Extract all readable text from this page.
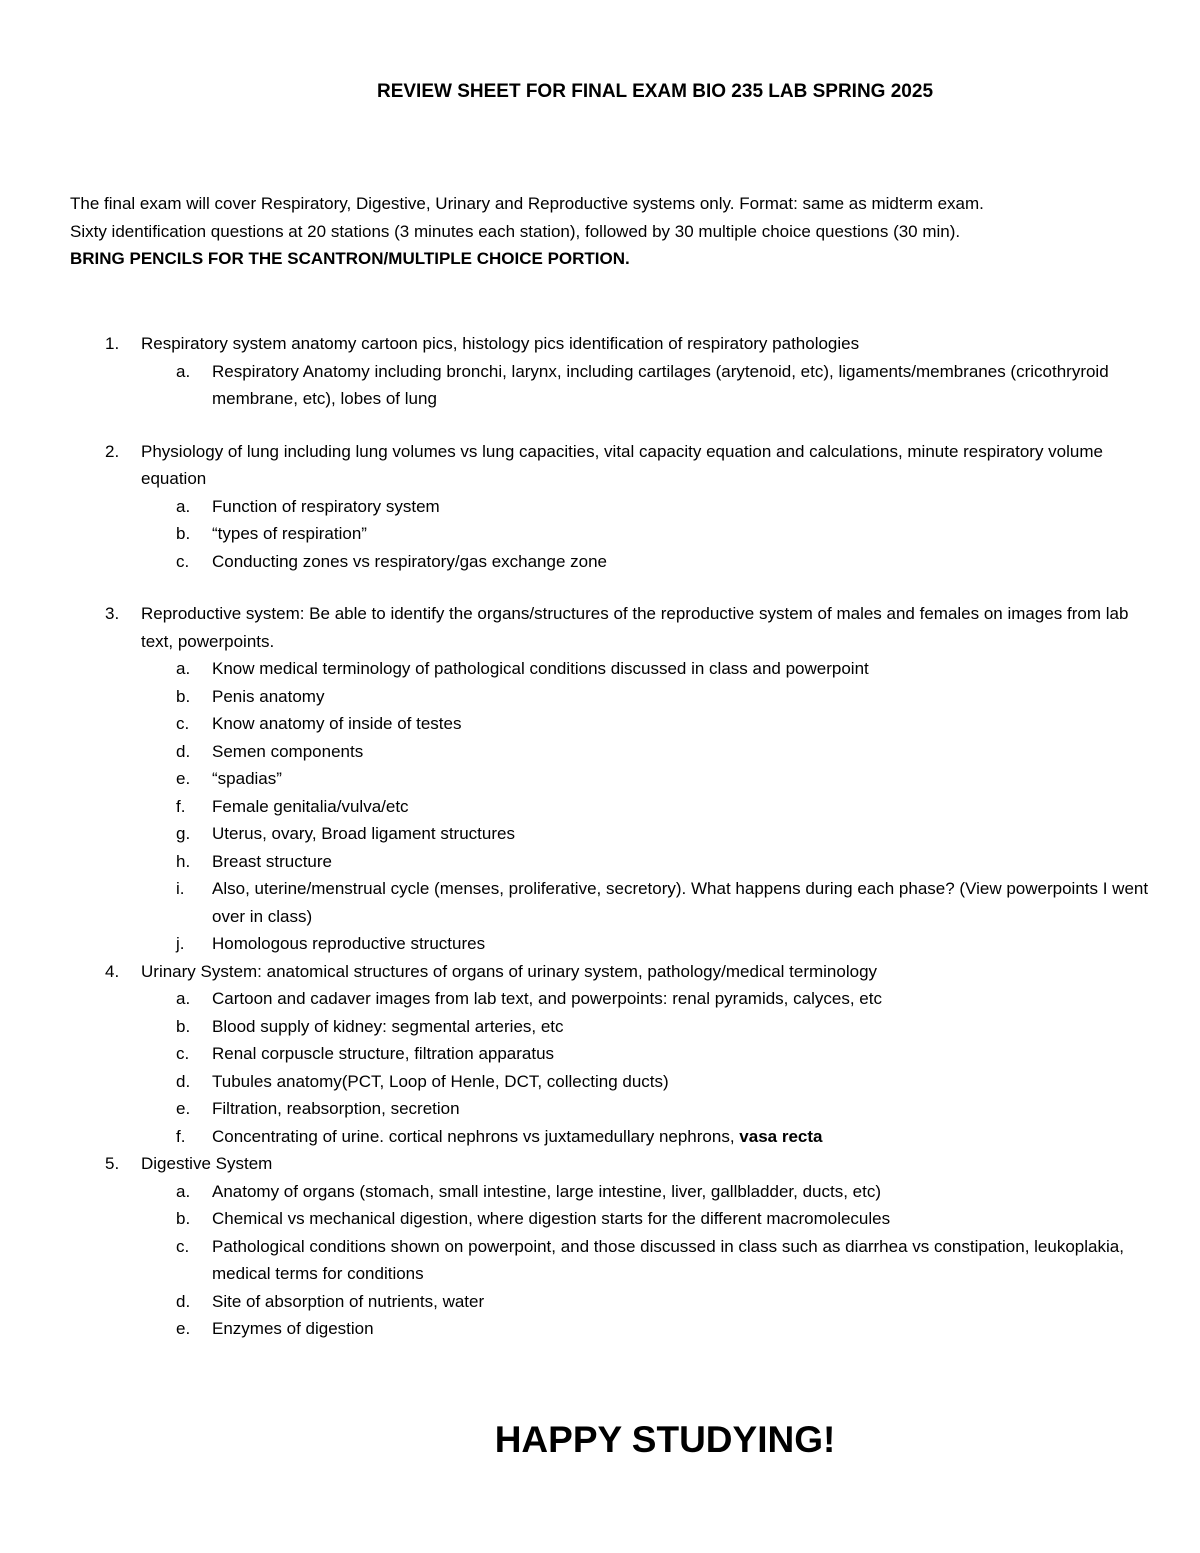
REVIEW SHEET FOR FINAL EXAM BIO 235 LAB SPRING 2025

The final exam will cover Respiratory, Digestive, Urinary and Reproductive systems only. Format: same as midterm exam.

Sixty identification questions at 20 stations (3 minutes each station), followed by 30 multiple choice questions (30 min).

BRING PENCILS FOR THE SCANTRON/MULTIPLE CHOICE PORTION.

1. Respiratory system anatomy cartoon pics, histology pics identification of respiratory pathologies
a. Respiratory Anatomy including bronchi, larynx, including cartilages (arytenoid, etc), ligaments/membranes (cricothryroid membrane, etc), lobes of lung
2. Physiology of lung including lung volumes vs lung capacities, vital capacity equation and calculations, minute respiratory volume equation
a. Function of respiratory system
b. “types of respiration”
c. Conducting zones vs respiratory/gas exchange zone
3. Reproductive system: Be able to identify the organs/structures of the reproductive system of males and females on images from lab text, powerpoints.
a. Know medical terminology of pathological conditions discussed in class and powerpoint
b. Penis anatomy
c. Know anatomy of inside of testes
d. Semen components
e. “spadias”
f. Female genitalia/vulva/etc
g. Uterus, ovary, Broad ligament structures
h. Breast structure
i. Also, uterine/menstrual cycle (menses, proliferative, secretory). What happens during each phase? (View powerpoints I went over in class)
j. Homologous reproductive structures
4. Urinary System: anatomical structures of organs of urinary system, pathology/medical terminology
a. Cartoon and cadaver images from lab text, and powerpoints: renal pyramids, calyces, etc
b. Blood supply of kidney: segmental arteries, etc
c. Renal corpuscle structure, filtration apparatus
d. Tubules anatomy(PCT, Loop of Henle, DCT, collecting ducts)
e. Filtration, reabsorption, secretion
f. Concentrating of urine. cortical nephrons vs juxtamedullary nephrons, vasa recta
5. Digestive System
a. Anatomy of organs (stomach, small intestine, large intestine, liver, gallbladder, ducts, etc)
b. Chemical vs mechanical digestion, where digestion starts for the different macromolecules
c. Pathological conditions shown on powerpoint, and those discussed in class such as diarrhea vs constipation, leukoplakia, medical terms for conditions
d. Site of absorption of nutrients, water
e. Enzymes of digestion
HAPPY STUDYING!
